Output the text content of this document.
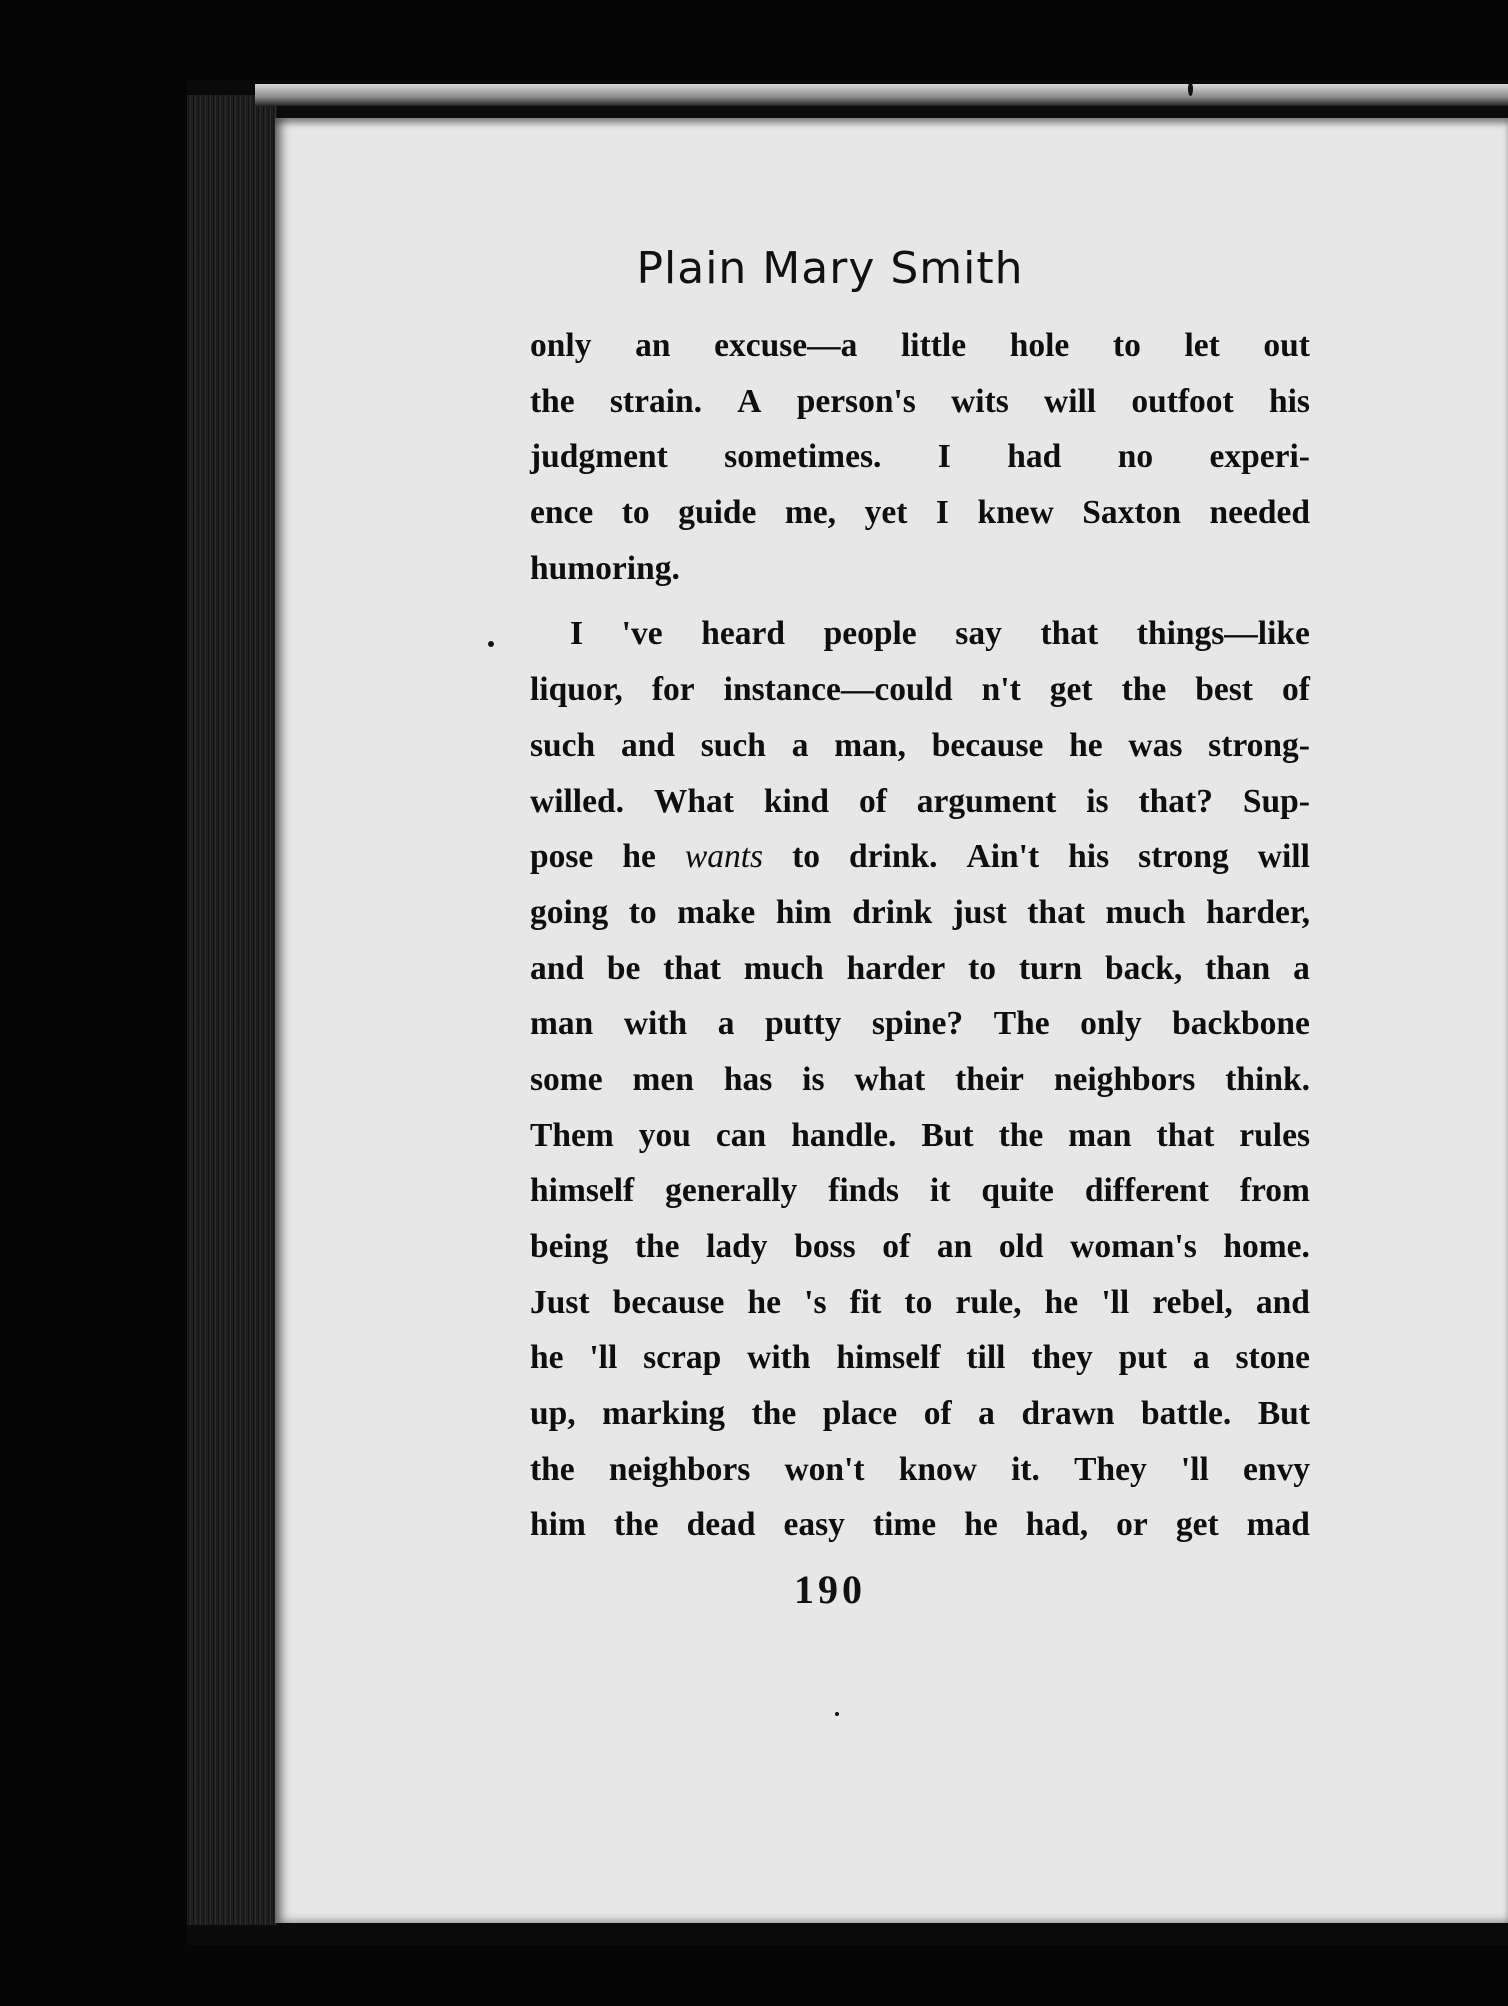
Plain Mary Smith
only an excuse—a little hole to let out
the strain. A person's wits will outfoot his
judgment sometimes. I had no experi-
ence to guide me, yet I knew Saxton needed
humoring.
I 've heard people say that things—like
liquor, for instance—could n't get the best of
such and such a man, because he was strong-
willed. What kind of argument is that? Sup-
pose he wants to drink. Ain't his strong will
going to make him drink just that much harder,
and be that much harder to turn back, than a
man with a putty spine? The only backbone
some men has is what their neighbors think.
Them you can handle. But the man that rules
himself generally finds it quite different from
being the lady boss of an old woman's home.
Just because he 's fit to rule, he 'll rebel, and
he 'll scrap with himself till they put a stone
up, marking the place of a drawn battle. But
the neighbors won't know it. They 'll envy
him the dead easy time he had, or get mad
190
